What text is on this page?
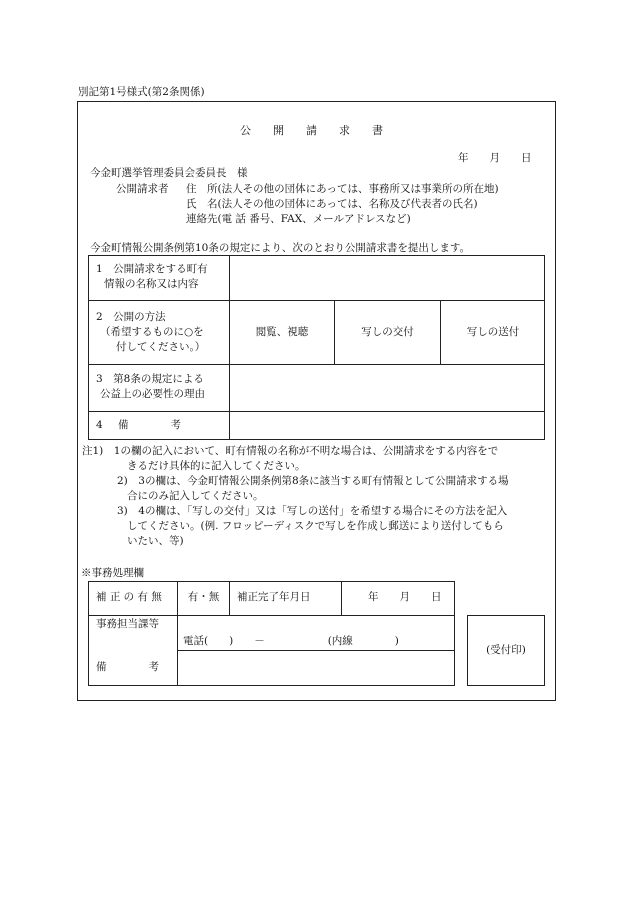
別記第1号様式(第2条関係)
公　　開　　請　　求　　書
年　　月　　日
今金町選挙管理委員会委員長　様
公開請求者 住　所(法人その他の団体にあっては、事務所又は事業所の所在地)
氏　名(法人その他の団体にあっては、名称及び代表者の氏名)
連絡先(電 話 番号、FAX、メールアドレスなど)
今金町情報公開条例第10条の規定により、次のとおり公開請求書を提出します。
1　公開請求をする町有
情報の名称又は内容
2　公開の方法
（希望するものに○を
付してください。）
閲覧、視聴	写しの交付	写しの送付
3　第8条の規定による
公益上の必要性の理由
4 備　　　　考
注1)　1の欄の記入において、町有情報の名称が不明な場合は、公開請求をする内容をで
きるだけ具体的に記入してください。
2)　3の欄は、今金町情報公開条例第8条に該当する町有情報として公開請求する場
合にのみ記入してください。
3)　4の欄は、「写しの交付」又は「写しの送付」を希望する場合にその方法を記入
してください。(例. フロッピーディスクで写しを作成し郵送により送付してもら
いたい、等)
※事務処理欄
補 正 の 有 無	有・無	補正完了年月日	年　　月　　日
事務担当課等
電話(　　)　　－　　　　　　(内線　　　　)
備　　　　考
(受付印)
